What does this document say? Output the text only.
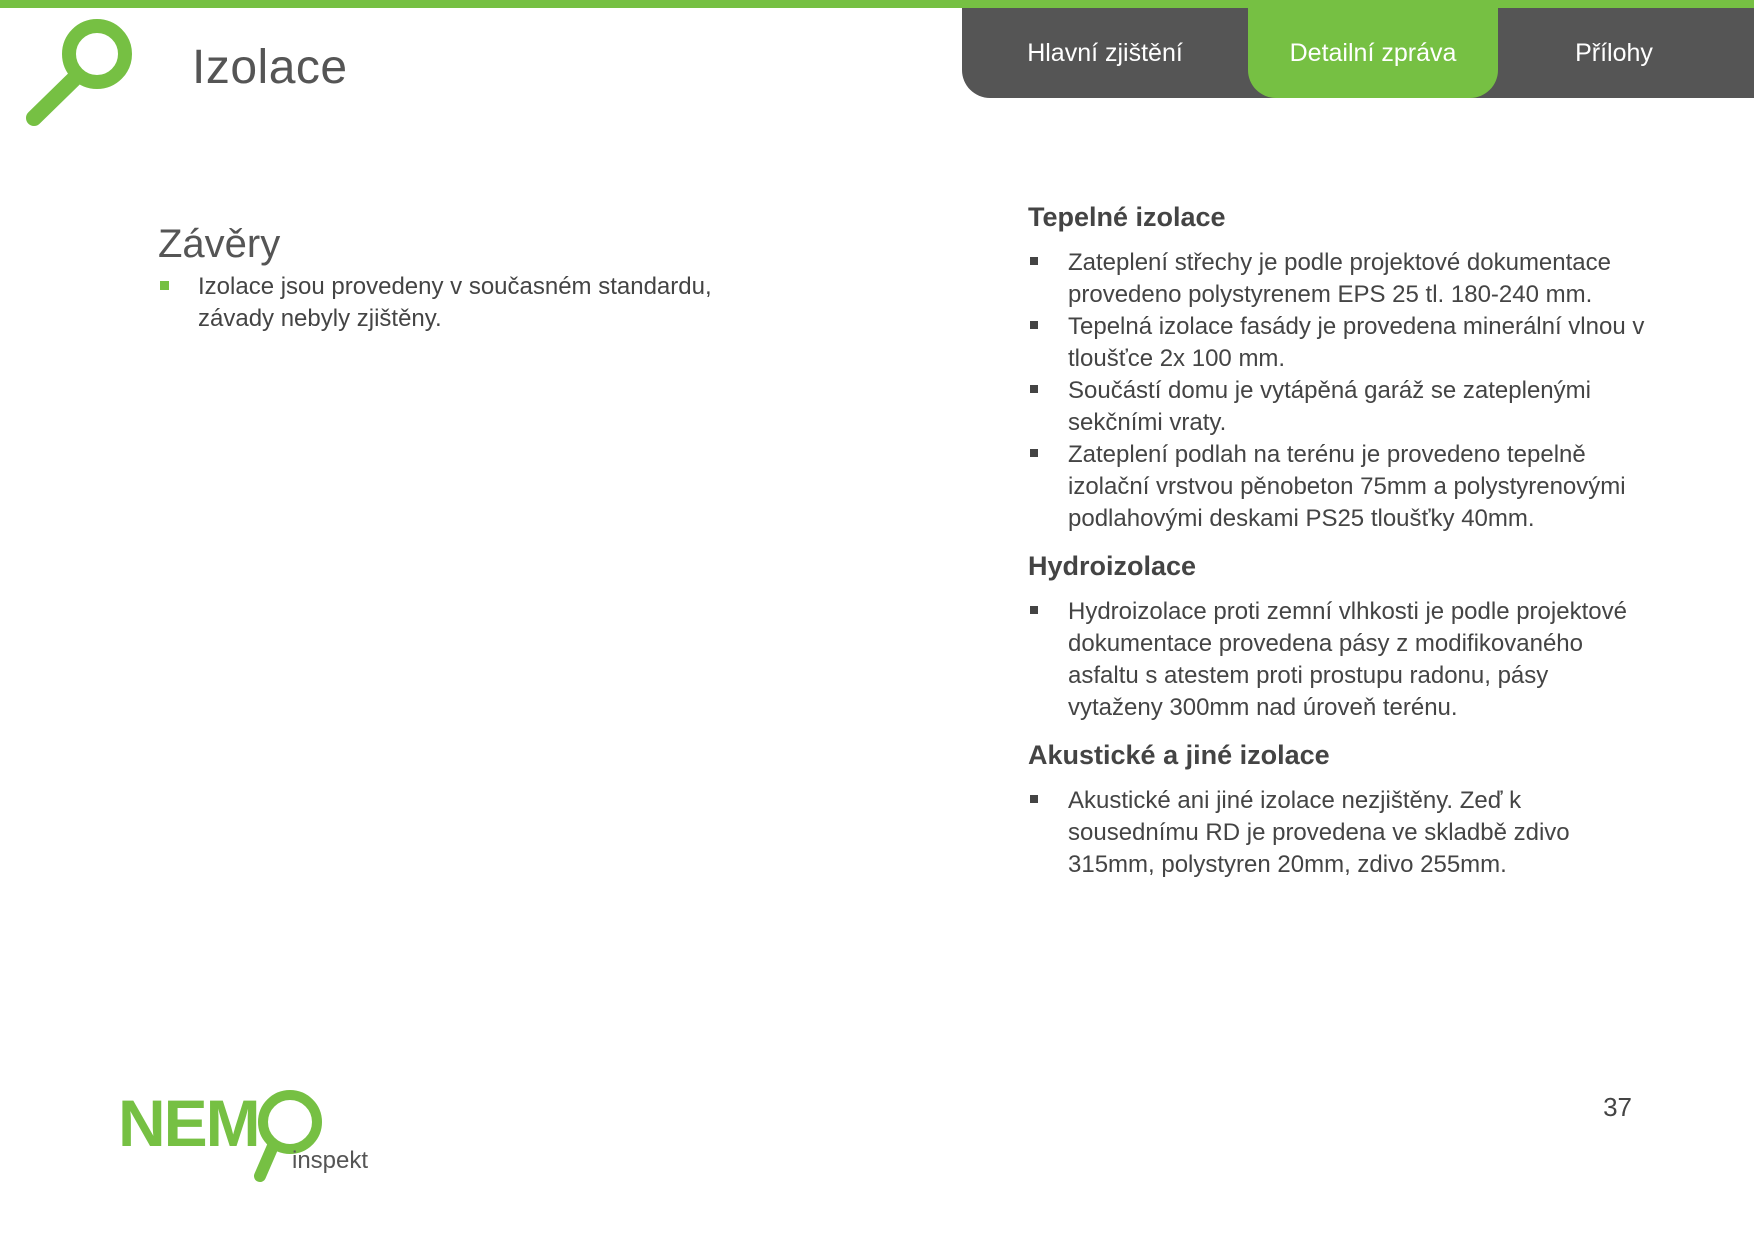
Izolace	Hlavní zjištění	Detailní zpráva	Přílohy
Závěry
Izolace jsou provedeny v současném standardu, závady nebyly zjištěny.
Tepelné izolace
Zateplení střechy je podle projektové dokumentace provedeno polystyrenem EPS 25 tl. 180-240 mm.
Tepelná izolace fasády je provedena minerální vlnou v tloušťce 2x 100 mm.
Součástí domu je vytápěná garáž se zateplenými sekčními vraty.
Zateplení podlah na terénu je provedeno tepelně izolační vrstvou pěnobeton 75mm a polystyrenovými podlahovými deskami PS25 tloušťky 40mm.
Hydroizolace
Hydroizolace proti zemní vlhkosti je podle projektové dokumentace provedena pásy z modifikovaného asfaltu s atestem proti prostupu radonu, pásy vytaženy 300mm nad úroveň terénu.
Akustické a jiné izolace
Akustické ani jiné izolace nezjištěny. Zeď k sousednímu RD je provedena ve skladbě zdivo 315mm, polystyren 20mm, zdivo 255mm.
37
NEM
inspekt
